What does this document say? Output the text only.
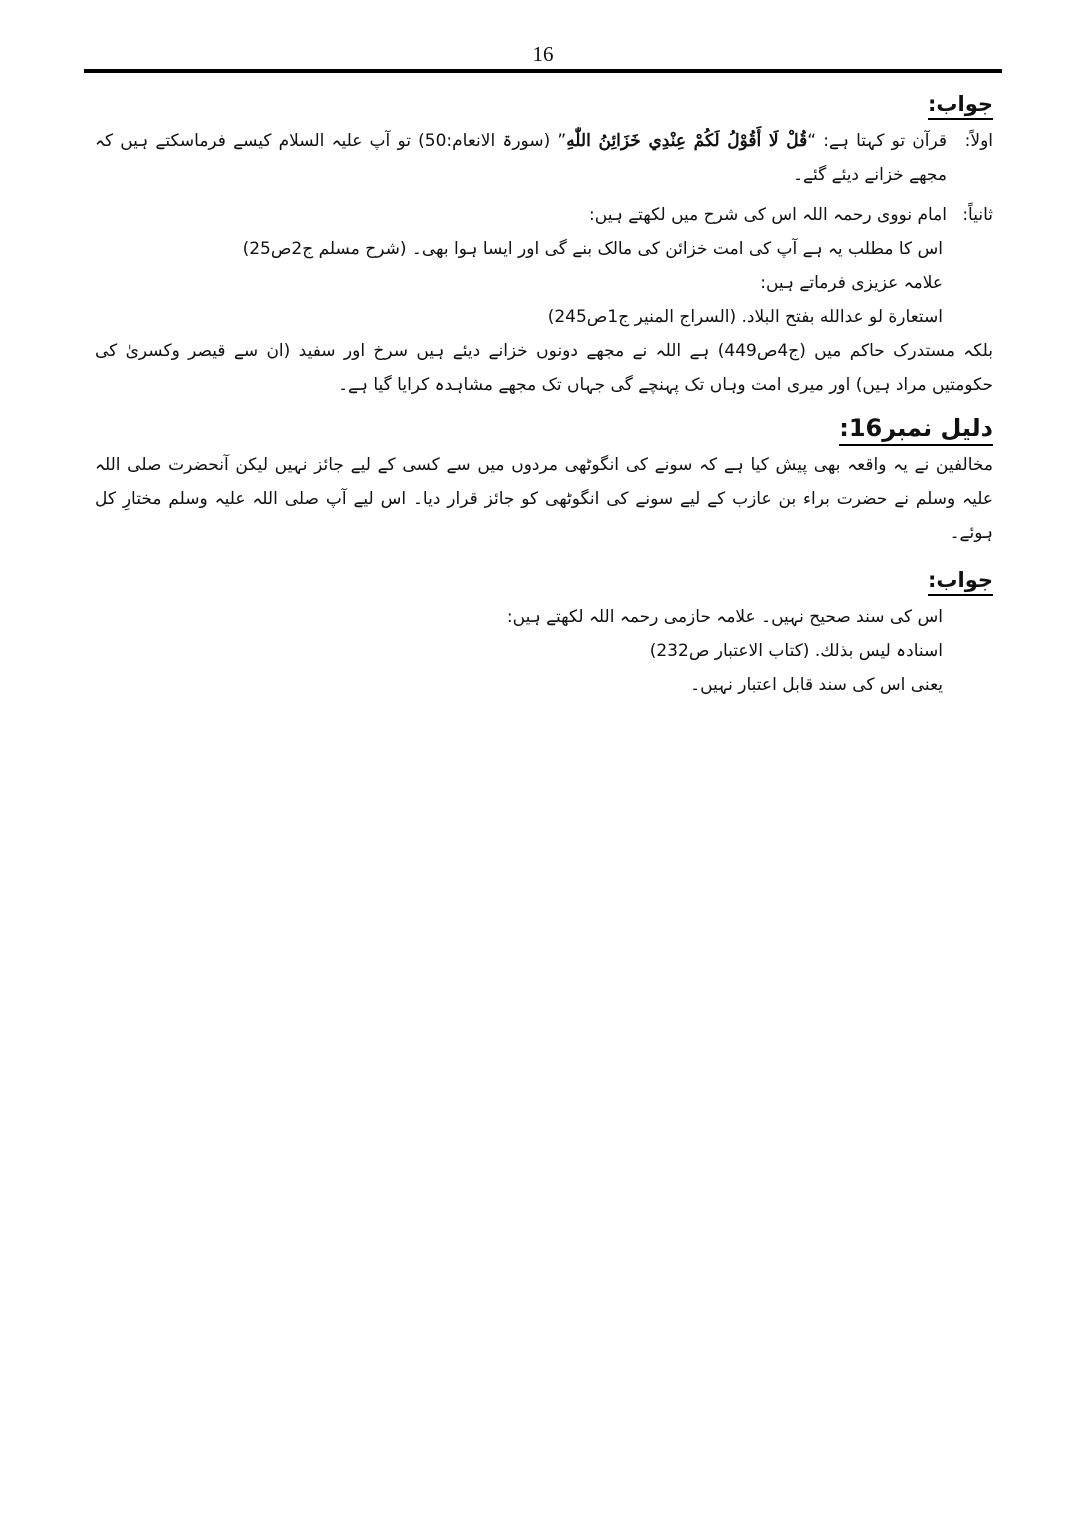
16
جواب:
اولاً:

قرآن تو کہتا ہے: “قُلْ لَا أَقُوْلُ لَكُمْ عِنْدِي خَزَائِنُ اللّٰهِ” (سورۃ الانعام:50) تو آپ علیہ السلام کیسے فرماسکتے ہیں کہ مجھے خزانے دیئے گئے۔

ثانیاً:
امام نووی رحمہ اللہ اس کی شرح میں لکھتے ہیں:

اس کا مطلب یہ ہے آپ کی امت خزائن کی مالک بنے گی اور ایسا ہوا بھی۔ (شرح مسلم ج2ص25)

علامہ عزیزی فرماتے ہیں:

استعارة لو عدالله بفتح البلاد. (السراج المنیر ج1ص245)

بلکہ مستدرک حاکم میں (ج4ص449) ہے اللہ نے مجھے دونوں خزانے دیئے ہیں سرخ اور سفید (ان سے قیصر وکسریٰ کی حکومتیں مراد ہیں) اور میری امت وہاں تک پہنچے گی جہاں تک مجھے مشاہدہ کرایا گیا ہے۔

دلیل نمبر16:

مخالفین نے یہ واقعہ بھی پیش کیا ہے کہ سونے کی انگوٹھی مردوں میں سے کسی کے لیے جائز نہیں لیکن آنحضرت صلی اللہ علیہ وسلم نے حضرت براء بن عازب کے لیے سونے کی انگوٹھی کو جائز قرار دیا۔ اس لیے آپ صلی اللہ علیہ وسلم مختارِ کل ہوئے۔

جواب:

اس کی سند صحیح نہیں۔ علامہ حازمی رحمہ اللہ لکھتے ہیں:

اسنادہ لیس بذلك. (کتاب الاعتبار ص232)

یعنی اس کی سند قابل اعتبار نہیں۔
